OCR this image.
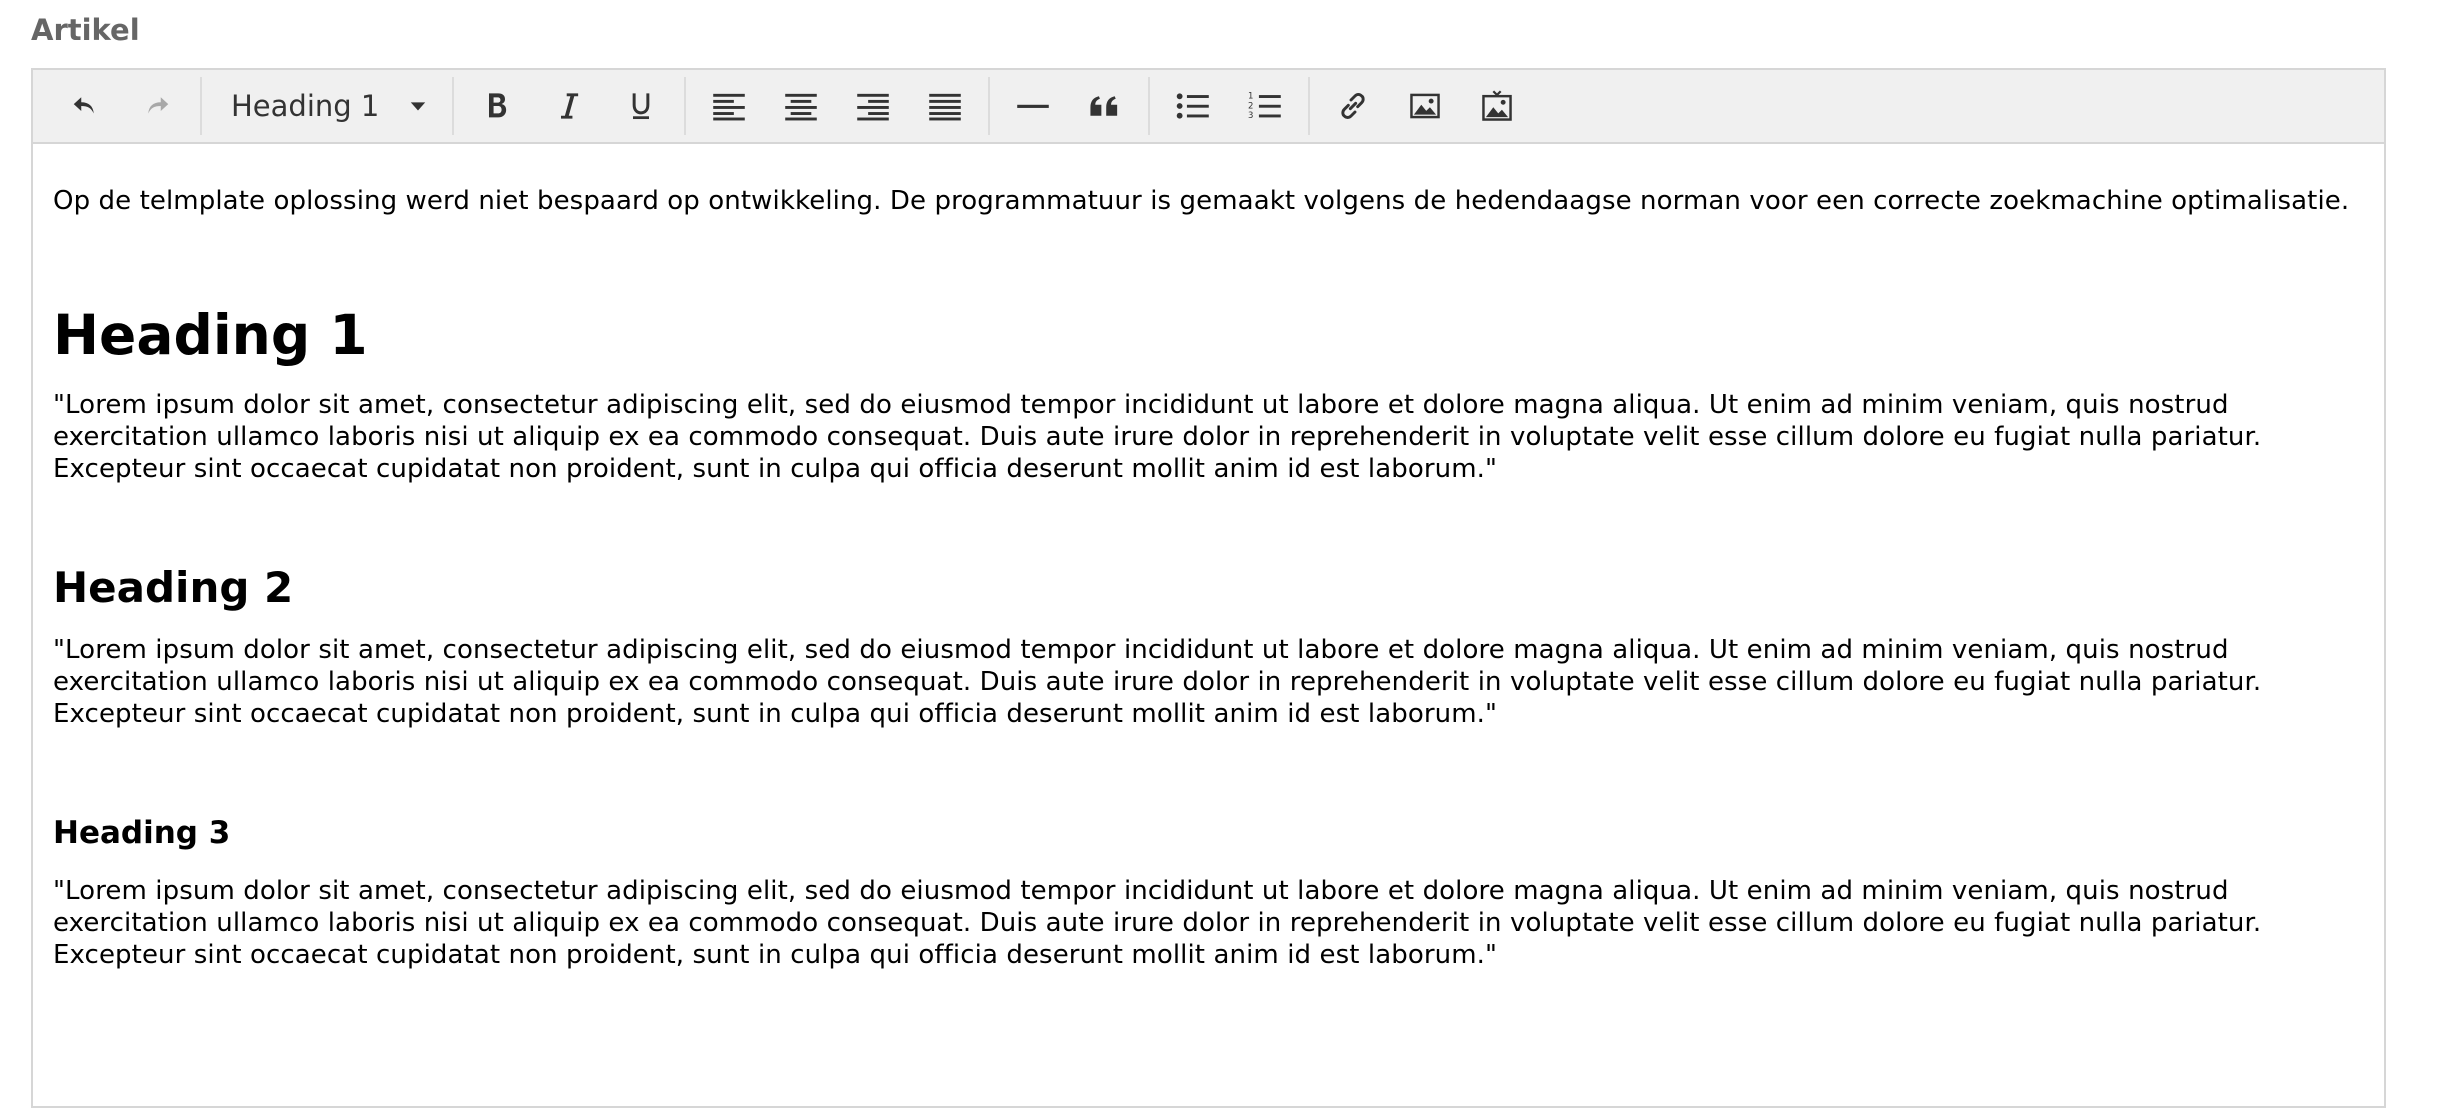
Artikel
Heading 1	1
2
3

Op de telmplate oplossing werd niet bespaard op ontwikkeling. De programmatuur is gemaakt volgens de hedendaagse norman voor een correcte zoekmachine optimalisatie.

Heading 1

"Lorem ipsum dolor sit amet, consectetur adipiscing elit, sed do eiusmod tempor incididunt ut labore et dolore magna aliqua. Ut enim ad minim veniam, quis nostrud
exercitation ullamco laboris nisi ut aliquip ex ea commodo consequat. Duis aute irure dolor in reprehenderit in voluptate velit esse cillum dolore eu fugiat nulla pariatur.
Excepteur sint occaecat cupidatat non proident, sunt in culpa qui officia deserunt mollit anim id est laborum."

Heading 2

"Lorem ipsum dolor sit amet, consectetur adipiscing elit, sed do eiusmod tempor incididunt ut labore et dolore magna aliqua. Ut enim ad minim veniam, quis nostrud
exercitation ullamco laboris nisi ut aliquip ex ea commodo consequat. Duis aute irure dolor in reprehenderit in voluptate velit esse cillum dolore eu fugiat nulla pariatur.
Excepteur sint occaecat cupidatat non proident, sunt in culpa qui officia deserunt mollit anim id est laborum."

Heading 3

"Lorem ipsum dolor sit amet, consectetur adipiscing elit, sed do eiusmod tempor incididunt ut labore et dolore magna aliqua. Ut enim ad minim veniam, quis nostrud
exercitation ullamco laboris nisi ut aliquip ex ea commodo consequat. Duis aute irure dolor in reprehenderit in voluptate velit esse cillum dolore eu fugiat nulla pariatur.
Excepteur sint occaecat cupidatat non proident, sunt in culpa qui officia deserunt mollit anim id est laborum."
